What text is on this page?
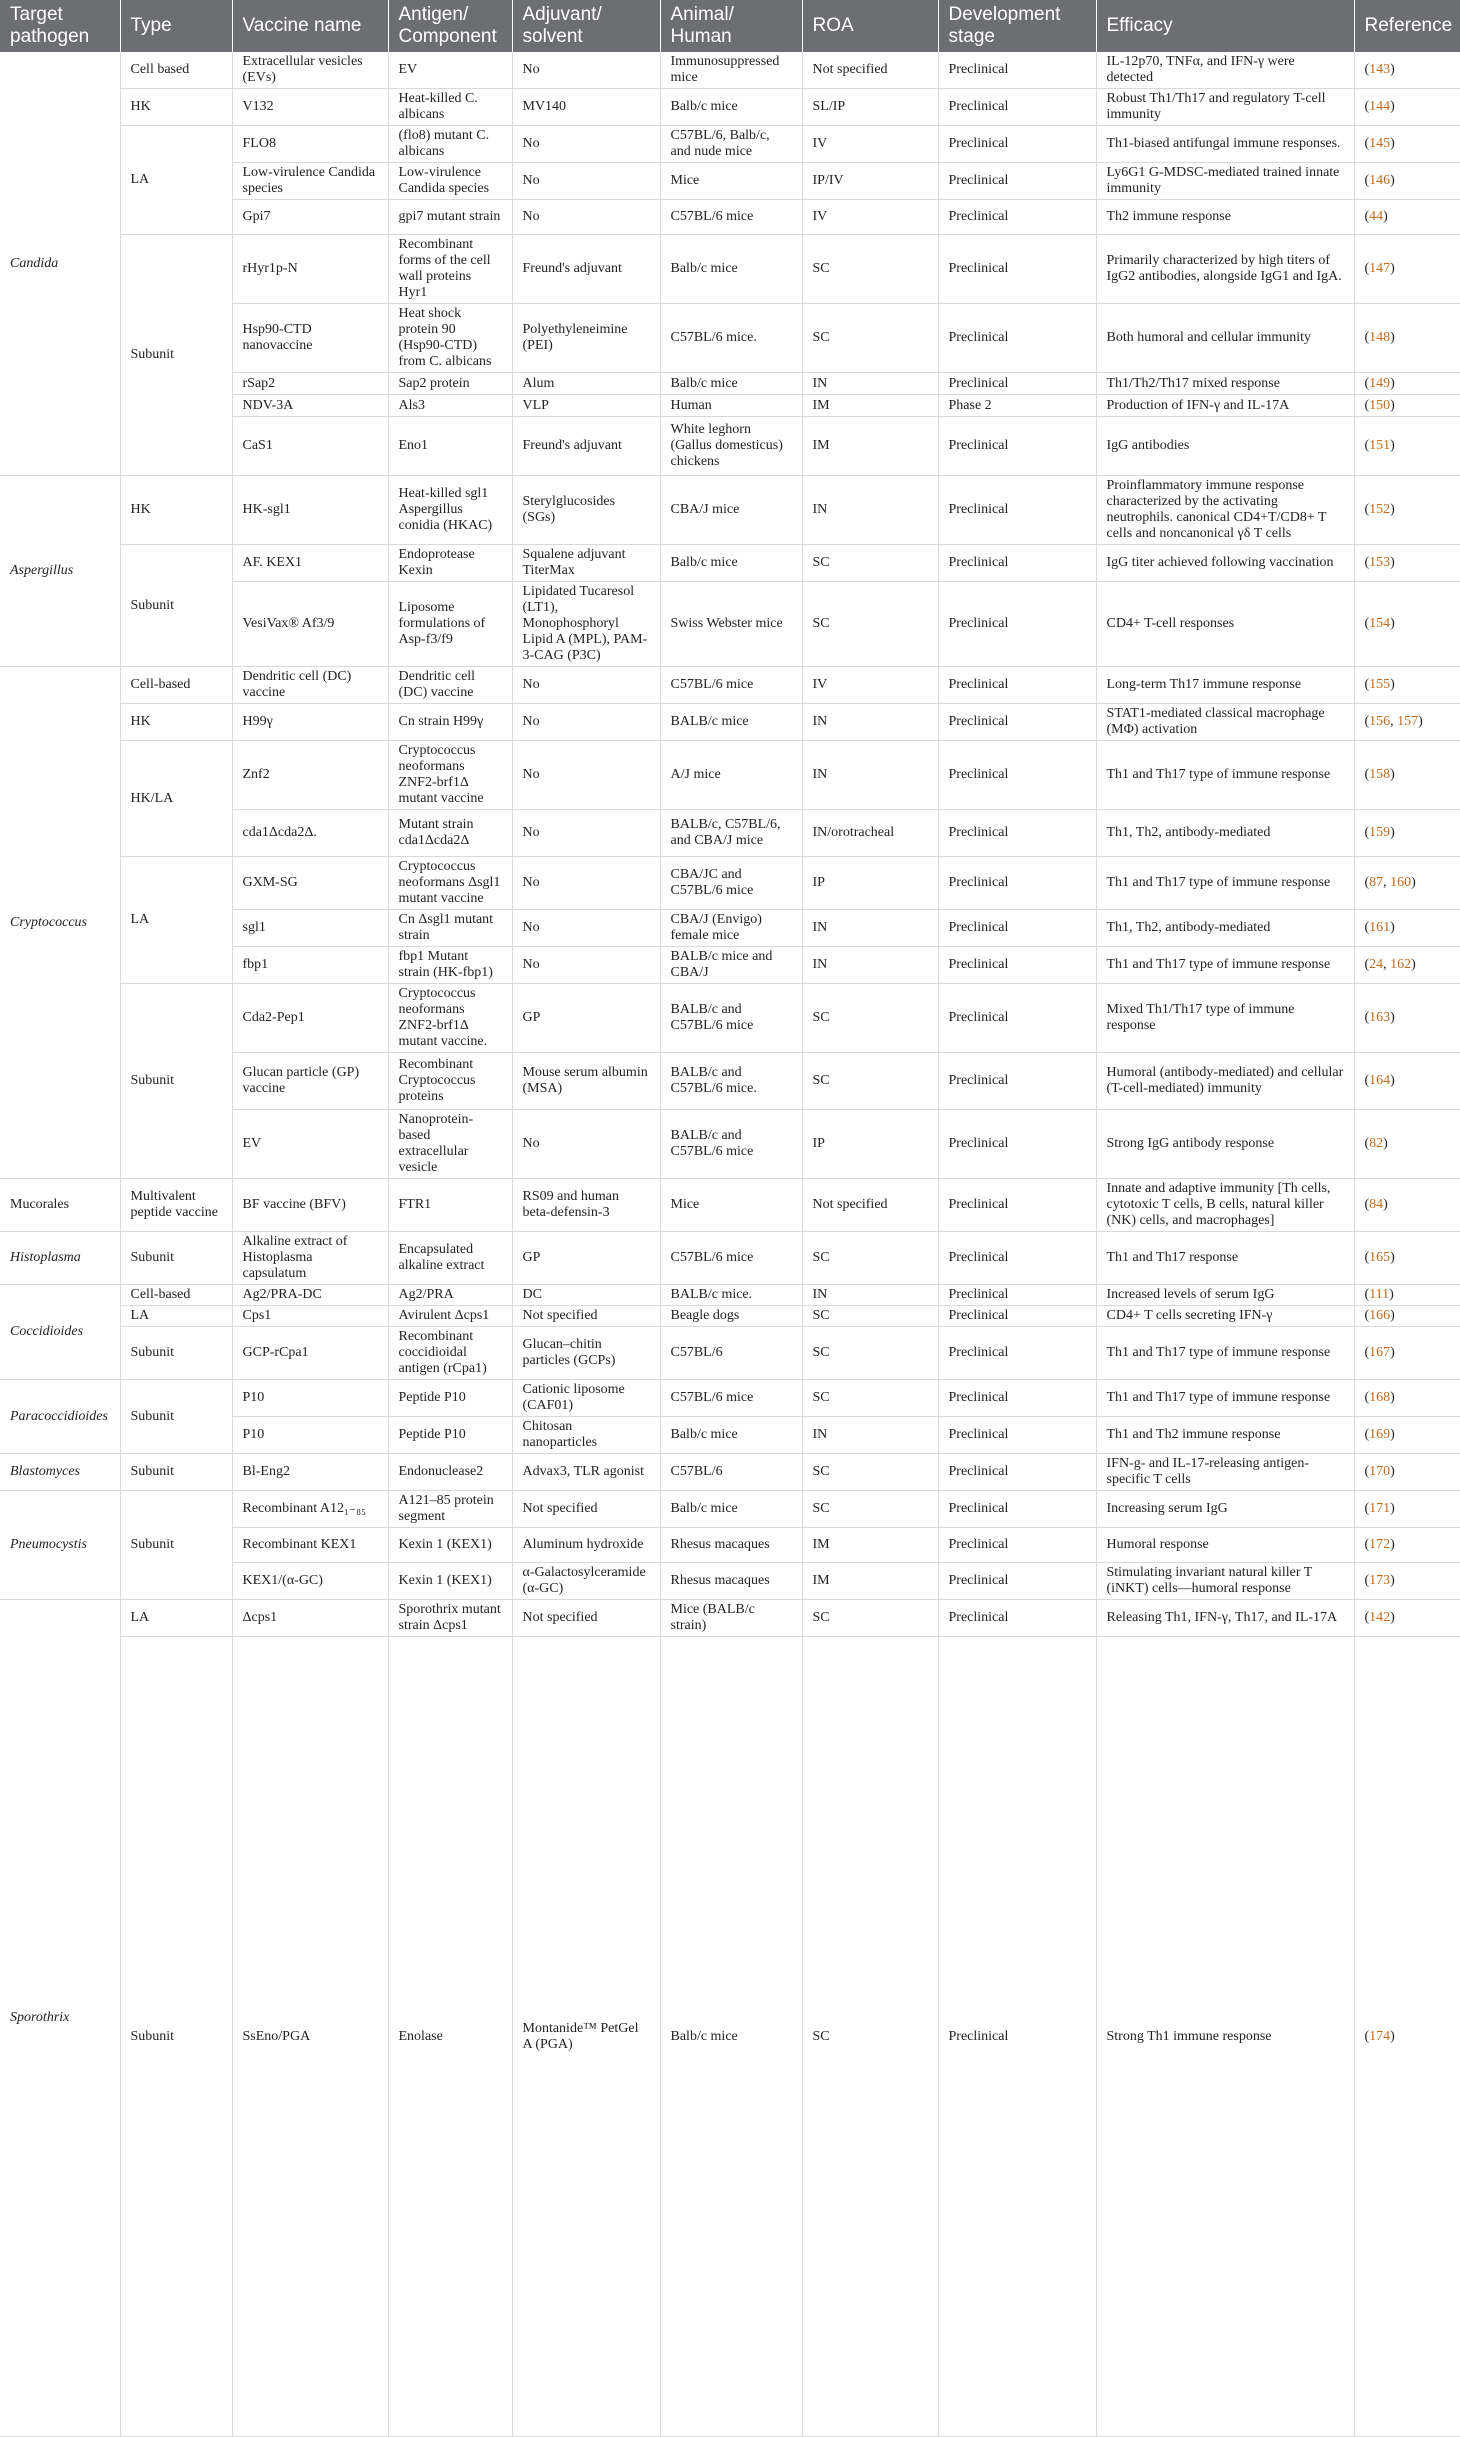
Target pathogen	Type	Vaccine name	Antigen/ Component	Adjuvant/ solvent	Animal/ Human	ROA	Development stage	Efficacy	Reference
Candida	Cell based	Extracellular vesicles (EVs)	EV	No	Immunosuppressed mice	Not specified	Preclinical	IL-12p70, TNFα, and IFN-γ were detected	(143)
	HK	V132	Heat-killed C. albicans	MV140	Balb/c mice	SL/IP	Preclinical	Robust Th1/Th17 and regulatory T-cell immunity	(144)
	LA	FLO8	(flo8) mutant C. albicans	No	C57BL/6, Balb/c, and nude mice	IV	Preclinical	Th1-biased antifungal immune responses.	(145)
		Low-virulence Candida species	Low-virulence Candida species	No	Mice	IP/IV	Preclinical	Ly6G1 G-MDSC-mediated trained innate immunity	(146)
		Gpi7	gpi7 mutant strain	No	C57BL/6 mice	IV	Preclinical	Th2 immune response	(44)
	Subunit	rHyr1p-N	Recombinant forms of the cell wall proteins Hyr1	Freund's adjuvant	Balb/c mice	SC	Preclinical	Primarily characterized by high titers of IgG2 antibodies, alongside IgG1 and IgA.	(147)
		Hsp90-CTD nanovaccine	Heat shock protein 90 (Hsp90-CTD) from C. albicans	Polyethyleneimine (PEI)	C57BL/6 mice.	SC	Preclinical	Both humoral and cellular immunity	(148)
		rSap2	Sap2 protein	Alum	Balb/c mice	IN	Preclinical	Th1/Th2/Th17 mixed response	(149)
		NDV-3A	Als3	VLP	Human	IM	Phase 2	Production of IFN-γ and IL-17A	(150)
		CaS1	Eno1	Freund's adjuvant	White leghorn (Gallus domesticus) chickens	IM	Preclinical	IgG antibodies	(151)
Aspergillus	HK	HK-sgl1	Heat-killed sgl1 Aspergillus conidia (HKAC)	Sterylglucosides (SGs)	CBA/J mice	IN	Preclinical	Proinflammatory immune response characterized by the activating neutrophils. canonical CD4+T/CD8+ T cells and noncanonical γδ T cells	(152)
	Subunit	AF. KEX1	Endoprotease Kexin	Squalene adjuvant TiterMax	Balb/c mice	SC	Preclinical	IgG titer achieved following vaccination	(153)
		VesiVax® Af3/9	Liposome formulations of Asp-f3/f9	Lipidated Tucaresol (LT1), Monophosphoryl Lipid A (MPL), PAM-3-CAG (P3C)	Swiss Webster mice	SC	Preclinical	CD4+ T-cell responses	(154)
Cryptococcus	Cell-based	Dendritic cell (DC) vaccine	Dendritic cell (DC) vaccine	No	C57BL/6 mice	IV	Preclinical	Long-term Th17 immune response	(155)
	HK	H99γ	Cn strain H99γ	No	BALB/c mice	IN	Preclinical	STAT1-mediated classical macrophage (MΦ) activation	(156, 157)
	HK/LA	Znf2	Cryptococcus neoformans ZNF2-brf1Δ mutant vaccine	No	A/J mice	IN	Preclinical	Th1 and Th17 type of immune response	(158)
		cda1Δcda2Δ.	Mutant strain cda1Δcda2Δ	No	BALB/c, C57BL/6, and CBA/J mice	IN/orotracheal	Preclinical	Th1, Th2, antibody-mediated	(159)
	LA	GXM-SG	Cryptococcus neoformans Δsgl1 mutant vaccine	No	CBA/JC and C57BL/6 mice	IP	Preclinical	Th1 and Th17 type of immune response	(87, 160)
		sgl1	Cn Δsgl1 mutant strain	No	CBA/J (Envigo) female mice	IN	Preclinical	Th1, Th2, antibody-mediated	(161)
		fbp1	fbp1 Mutant strain (HK-fbp1)	No	BALB/c mice and CBA/J	IN	Preclinical	Th1 and Th17 type of immune response	(24, 162)
	Subunit	Cda2-Pep1	Cryptococcus neoformans ZNF2-brf1Δ mutant vaccine.	GP	BALB/c and C57BL/6 mice	SC	Preclinical	Mixed Th1/Th17 type of immune response	(163)
		Glucan particle (GP) vaccine	Recombinant Cryptococcus proteins	Mouse serum albumin (MSA)	BALB/c and C57BL/6 mice.	SC	Preclinical	Humoral (antibody-mediated) and cellular (T-cell-mediated) immunity	(164)
		EV	Nanoprotein-based extracellular vesicle	No	BALB/c and C57BL/6 mice	IP	Preclinical	Strong IgG antibody response	(82)
Mucorales	Multivalent peptide vaccine	BF vaccine (BFV)	FTR1	RS09 and human beta-defensin-3	Mice	Not specified	Preclinical	Innate and adaptive immunity [Th cells, cytotoxic T cells, B cells, natural killer (NK) cells, and macrophages]	(84)
Histoplasma	Subunit	Alkaline extract of Histoplasma capsulatum	Encapsulated alkaline extract	GP	C57BL/6 mice	SC	Preclinical	Th1 and Th17 response	(165)
Coccidioides	Cell-based	Ag2/PRA-DC	Ag2/PRA	DC	BALB/c mice.	IN	Preclinical	Increased levels of serum IgG	(111)
	LA	Cps1	Avirulent Δcps1	Not specified	Beagle dogs	SC	Preclinical	CD4+ T cells secreting IFN-γ	(166)
	Subunit	GCP-rCpa1	Recombinant coccidioidal antigen (rCpa1)	Glucan–chitin particles (GCPs)	C57BL/6	SC	Preclinical	Th1 and Th17 type of immune response	(167)
Paracoccidioides	Subunit	P10	Peptide P10	Cationic liposome (CAF01)	C57BL/6 mice	SC	Preclinical	Th1 and Th17 type of immune response	(168)
		P10	Peptide P10	Chitosan nanoparticles	Balb/c mice	IN	Preclinical	Th1 and Th2 immune response	(169)
Blastomyces	Subunit	Bl-Eng2	Endonuclease2	Advax3, TLR agonist	C57BL/6	SC	Preclinical	IFN-g- and IL-17-releasing antigen-specific T cells	(170)
Pneumocystis	Subunit	Recombinant A12₁₋₈₅	A121–85 protein segment	Not specified	Balb/c mice	SC	Preclinical	Increasing serum IgG	(171)
		Recombinant KEX1	Kexin 1 (KEX1)	Aluminum hydroxide	Rhesus macaques	IM	Preclinical	Humoral response	(172)
		KEX1/(α-GC)	Kexin 1 (KEX1)	α-Galactosylceramide (α-GC)	Rhesus macaques	IM	Preclinical	Stimulating invariant natural killer T (iNKT) cells—humoral response	(173)
Sporothrix	LA	Δcps1	Sporothrix mutant strain Δcps1	Not specified	Mice (BALB/c strain)	SC	Preclinical	Releasing Th1, IFN-γ, Th17, and IL-17A	(142)
	Subunit	SsEno/PGA	Enolase	Montanide™ PetGel A (PGA)	Balb/c mice	SC	Preclinical	Strong Th1 immune response	(174)
